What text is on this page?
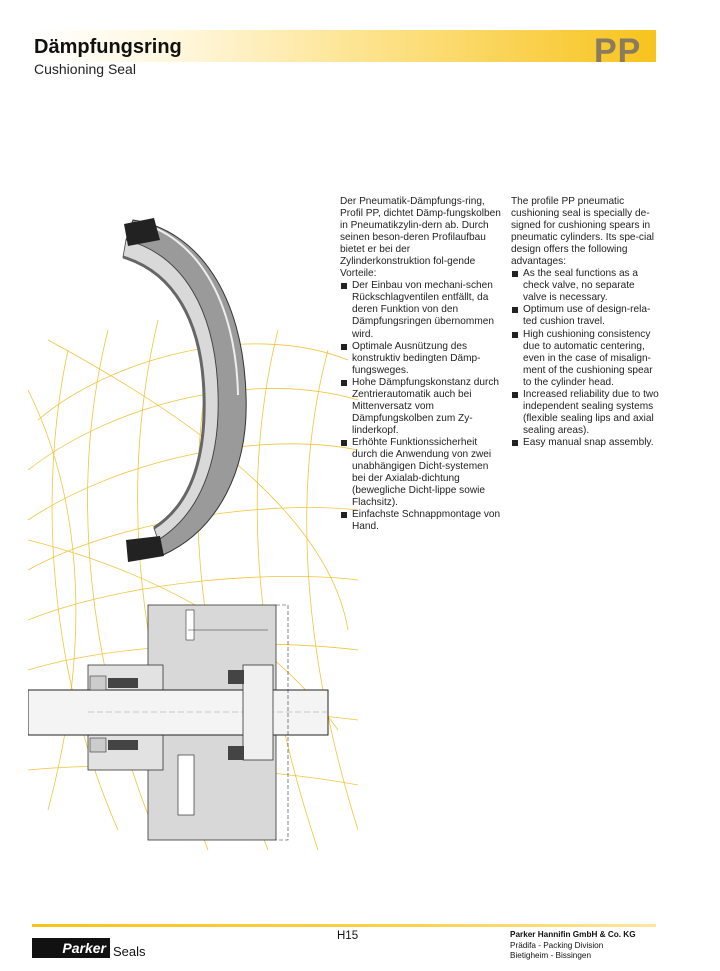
Dämpfungsring
Cushioning Seal	PP

Der Pneumatik-Dämpfungs-ring, Profil PP, dichtet Dämp-fungskolben in Pneumatikzylin-dern ab. Durch seinen beson-deren Profilaufbau bietet er bei der Zylinderkonstruktion fol-gende Vorteile:

Der Einbau von mechani-schen Rückschlagventilen entfällt, da deren Funktion von den Dämpfungsringen übernommen wird.
Optimale Ausnützung des konstruktiv bedingten Dämp-fungsweges.
Hohe Dämpfungskonstanz durch Zentrierautomatik auch bei Mittenversatz vom Dämpfungskolben zum Zy-linderkopf.
Erhöhte Funktionssicherheit durch die Anwendung von zwei unabhängigen Dicht-systemen bei der Axialab-dichtung (bewegliche Dicht-lippe sowie Flachsitz).
Einfachste Schnappmontage von Hand.

The profile PP pneumatic cushioning seal is specially de-signed for cushioning spears in pneumatic cylinders. Its spe-cial design offers the following advantages:

As the seal functions as a check valve, no separate valve is necessary.
Optimum use of design-rela-ted cushion travel.
High cushioning consistency due to automatic centering, even in the case of misalign-ment of the cushioning spear to the cylinder head.
Increased reliability due to two independent sealing systems (flexible sealing lips and axial sealing areas).
Easy manual snap assembly.
Parker Seals
H15	Parker Hannifin GmbH & Co. KG
Prädifa - Packing Division
Bietigheim - Bissingen
